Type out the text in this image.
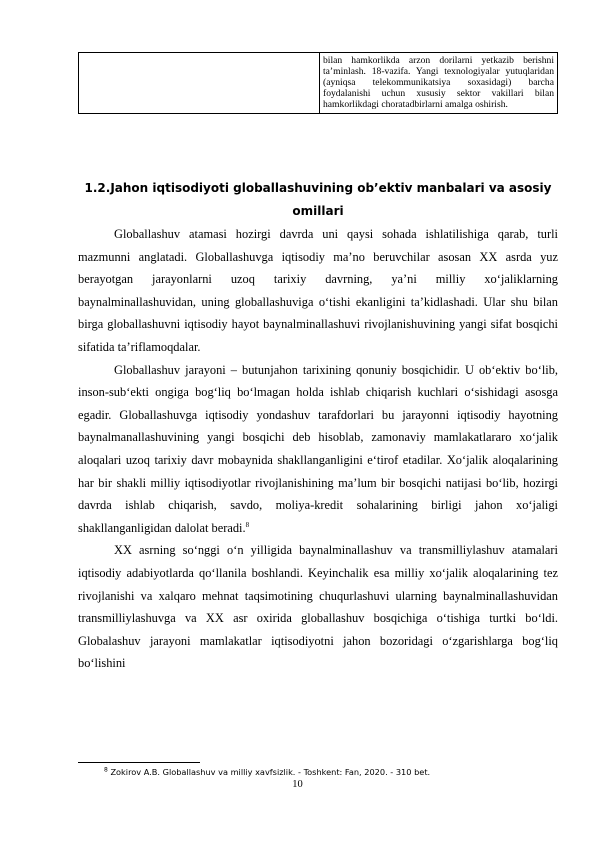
	bilan hamkorlikda arzon dorilarni yetkazib berishni ta’minlash. 18-vazifa. Yangi texnologiyalar yutuqlaridan (ayniqsa telekommunikatsiya soxasidagi) barcha foydalanishi uchun xususiy sektor vakillari bilan hamkorlikdagi choratadbirlarni amalga oshirish.
1.2.Jahon iqtisodiyoti globallashuvining ob’ektiv manbalari va asosiy omillari

Globallashuv atamasi hozirgi davrda uni qaysi sohada ishlatilishiga qarab, turli mazmunni anglatadi. Globallashuvga iqtisodiy ma’no beruvchilar asosan XX asrda yuz berayotgan jarayonlarni uzoq tarixiy davrning, ya’ni milliy xo‘jaliklarning baynalminallashuvidan, uning globallashuviga o‘tishi ekanligini ta’kidlashadi. Ular shu bilan birga globallashuvni iqtisodiy hayot baynalminallashuvi rivojlanishuvining yangi sifat bosqichi sifatida ta’riflamoqdalar.

Globallashuv jarayoni – butunjahon tarixining qonuniy bosqichidir. U ob‘ektiv bo‘lib, inson-sub‘ekti ongiga bog‘liq bo‘lmagan holda ishlab chiqarish kuchlari o‘sishidagi asosga egadir. Globallashuvga iqtisodiy yondashuv tarafdorlari bu jarayonni iqtisodiy hayotning baynalmanallashuvining yangi bosqichi deb hisoblab, zamonaviy mamlakatlararo xo‘jalik aloqalari uzoq tarixiy davr mobaynida shakllanganligini e‘tirof etadilar. Xo‘jalik aloqalarining har bir shakli milliy iqtisodiyotlar rivojlanishining ma’lum bir bosqichi natijasi bo‘lib, hozirgi davrda ishlab chiqarish, savdo, moliya-kredit sohalarining birligi jahon xo‘jaligi shakllanganligidan dalolat beradi.$^8$

XX asrning so‘nggi o‘n yilligida baynalminallashuv va transmilliylashuv atamalari iqtisodiy adabiyotlarda qo‘llanila boshlandi. Keyinchalik esa milliy xo‘jalik aloqalarining tez rivojlanishi va xalqaro mehnat taqsimotining chuqurlashuvi ularning baynalminallashuvidan transmilliylashuvga va XX asr oxirida globallashuv bosqichiga o‘tishiga turtki bo‘ldi. Globalashuv jarayoni mamlakatlar iqtisodiyotni jahon bozoridagi o‘zgarishlarga bog‘liq bo‘lishini

$^8$ Zokirov A.B. Globallashuv va milliy xavfsizlik. - Toshkent: Fan, 2020. - 310 bet.
10
